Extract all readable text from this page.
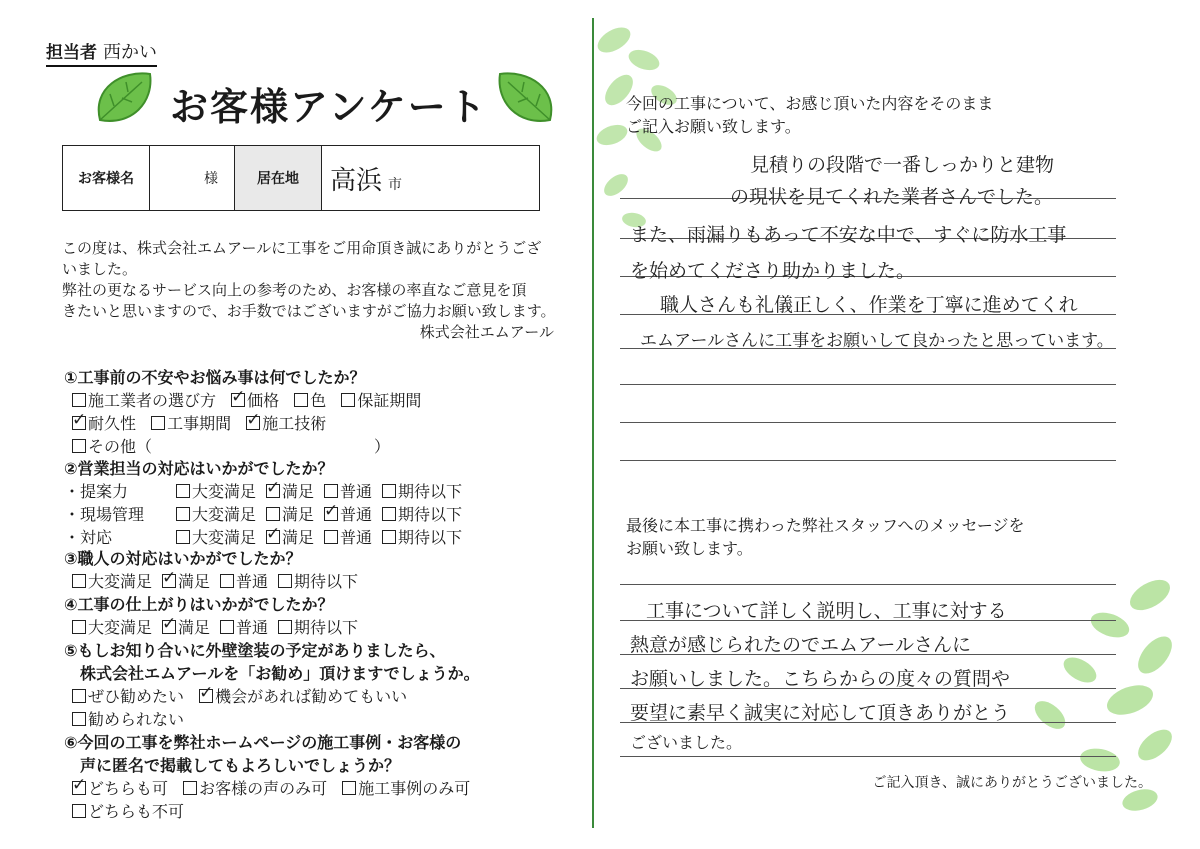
担当者 西かい
お客様アンケート
お客様名	様	居在地	高浜 市
この度は、株式会社エムアールに工事をご用命頂き誠にありがとうござ
いました。
弊社の更なるサービス向上の参考のため、お客様の率直なご意見を頂
きたいと思いますので、お手数ではございますがご協力お願い致します。
株式会社エムアール
①工事前の不安やお悩み事は何でしたか？
施工業者の選び方 ✓ 価格 色 保証期間
✓耐久性 工事期間 ✓ 施工技術
その他（	）
②営業担当の対応はいかがでしたか？
・提案力	大変満足 ✓	満足	普通	期待以下
・現場管理	大変満足	満足 ✓	普通	期待以下
・対応	大変満足 ✓	満足	普通	期待以下
③職人の対応はいかがでしたか？
大変満足 ✓ 満足 普通 期待以下
④工事の仕上がりはいかがでしたか？
大変満足 ✓ 満足 普通 期待以下
⑤もしお知り合いに外壁塗装の予定がありましたら、
株式会社エムアールを「お勧め」頂けますでしょうか。
ぜひ勧めたい ✓ 機会があれば勧めてもいい
勧められない
⑥今回の工事を弊社ホームページの施工事例・お客様の
声に匿名で掲載してもよろしいでしょうか？
✓どちらも可 お客様の声のみ可 施工事例のみ可
どちらも不可
今回の工事について、お感じ頂いた内容をそのまま
ご記入お願い致します。
見積りの段階で一番しっかりと建物
の現状を見てくれた業者さんでした。
また、雨漏りもあって不安な中で、すぐに防水工事
を始めてくださり助かりました。
職人さんも礼儀正しく、作業を丁寧に進めてくれ
エムアールさんに工事をお願いして良かったと思っています。
最後に本工事に携わった弊社スタッフへのメッセージを
お願い致します。
工事について詳しく説明し、工事に対する
熱意が感じられたのでエムアールさんに
お願いしました。こちらからの度々の質問や
要望に素早く誠実に対応して頂きありがとう
ございました。
ご記入頂き、誠にありがとうございました。
